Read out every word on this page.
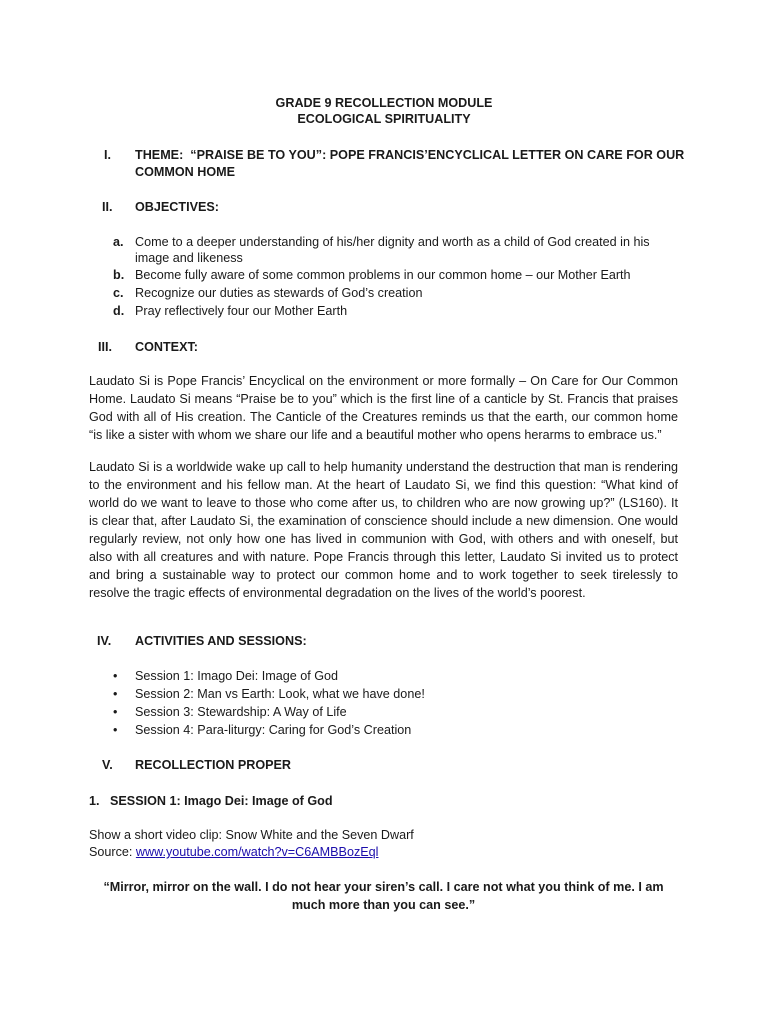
GRADE 9 RECOLLECTION MODULE
ECOLOGICAL SPIRITUALITY
I. THEME: “PRAISE BE TO YOU”: POPE FRANCIS’ENCYCLICAL LETTER ON CARE FOR OUR
COMMON HOME
II. OBJECTIVES:
a. Come to a deeper understanding of his/her dignity and worth as a child of God created in his
image and likeness
b. Become fully aware of some common problems in our common home – our Mother Earth
c. Recognize our duties as stewards of God’s creation
d. Pray reflectively four our Mother Earth
III. CONTEXT:
Laudato Si is Pope Francis’ Encyclical on the environment or more formally – On Care for Our Common Home. Laudato Si means “Praise be to you” which is the first line of a canticle by St. Francis that praises God with all of His creation. The Canticle of the Creatures reminds us that the earth, our common home “is like a sister with whom we share our life and a beautiful mother who opens herarms to embrace us.”
Laudato Si is a worldwide wake up call to help humanity understand the destruction that man is rendering to the environment and his fellow man. At the heart of Laudato Si, we find this question: “What kind of world do we want to leave to those who come after us, to children who are now growing up?” (LS160). It is clear that, after Laudato Si, the examination of conscience should include a new dimension. One would regularly review, not only how one has lived in communion with God, with others and with oneself, but also with all creatures and with nature. Pope Francis through this letter, Laudato Si invited us to protect and bring a sustainable way to protect our common home and to work together to seek tirelessly to resolve the tragic effects of environmental degradation on the lives of the world’s poorest.
IV. ACTIVITIES AND SESSIONS:
• Session 1: Imago Dei: Image of God
• Session 2: Man vs Earth: Look, what we have done!
• Session 3: Stewardship: A Way of Life
• Session 4: Para-liturgy: Caring for God’s Creation
V. RECOLLECTION PROPER
1.   SESSION 1: Imago Dei: Image of God
Show a short video clip: Snow White and the Seven Dwarf
Source: www.youtube.com/watch?v=C6AMBBozEql
“Mirror, mirror on the wall. I do not hear your siren’s call. I care not what you think of me. I am much more than you can see.”
